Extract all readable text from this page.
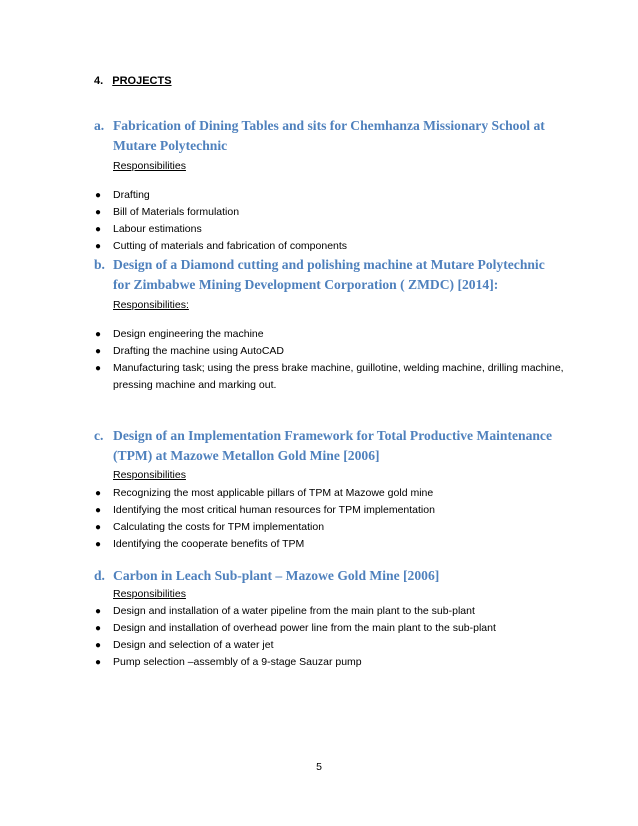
4. PROJECTS
a. Fabrication of Dining Tables and sits for Chemhanza Missionary School at Mutare Polytechnic
Responsibilities
● Drafting
● Bill of Materials formulation
● Labour estimations
● Cutting of materials and fabrication of components
b. Design of a Diamond cutting and polishing machine at Mutare Polytechnic for Zimbabwe Mining Development Corporation ( ZMDC) [2014]:
Responsibilities:
● Design engineering the machine
● Drafting the machine using AutoCAD
● Manufacturing task; using the press brake machine, guillotine, welding machine, drilling machine, pressing machine and marking out.
c. Design of an Implementation Framework for Total Productive Maintenance (TPM) at Mazowe Metallon Gold Mine [2006]
Responsibilities
● Recognizing the most applicable pillars of TPM at Mazowe gold mine
● Identifying the most critical human resources for TPM implementation
● Calculating the costs for TPM implementation
● Identifying the cooperate benefits of TPM
d. Carbon in Leach Sub-plant – Mazowe Gold Mine [2006]
Responsibilities
● Design and installation of a water pipeline from the main plant to the sub-plant
● Design and installation of overhead power line from the main plant to the sub-plant
● Design and selection of a water jet
● Pump selection –assembly of a 9-stage Sauzar pump
5
